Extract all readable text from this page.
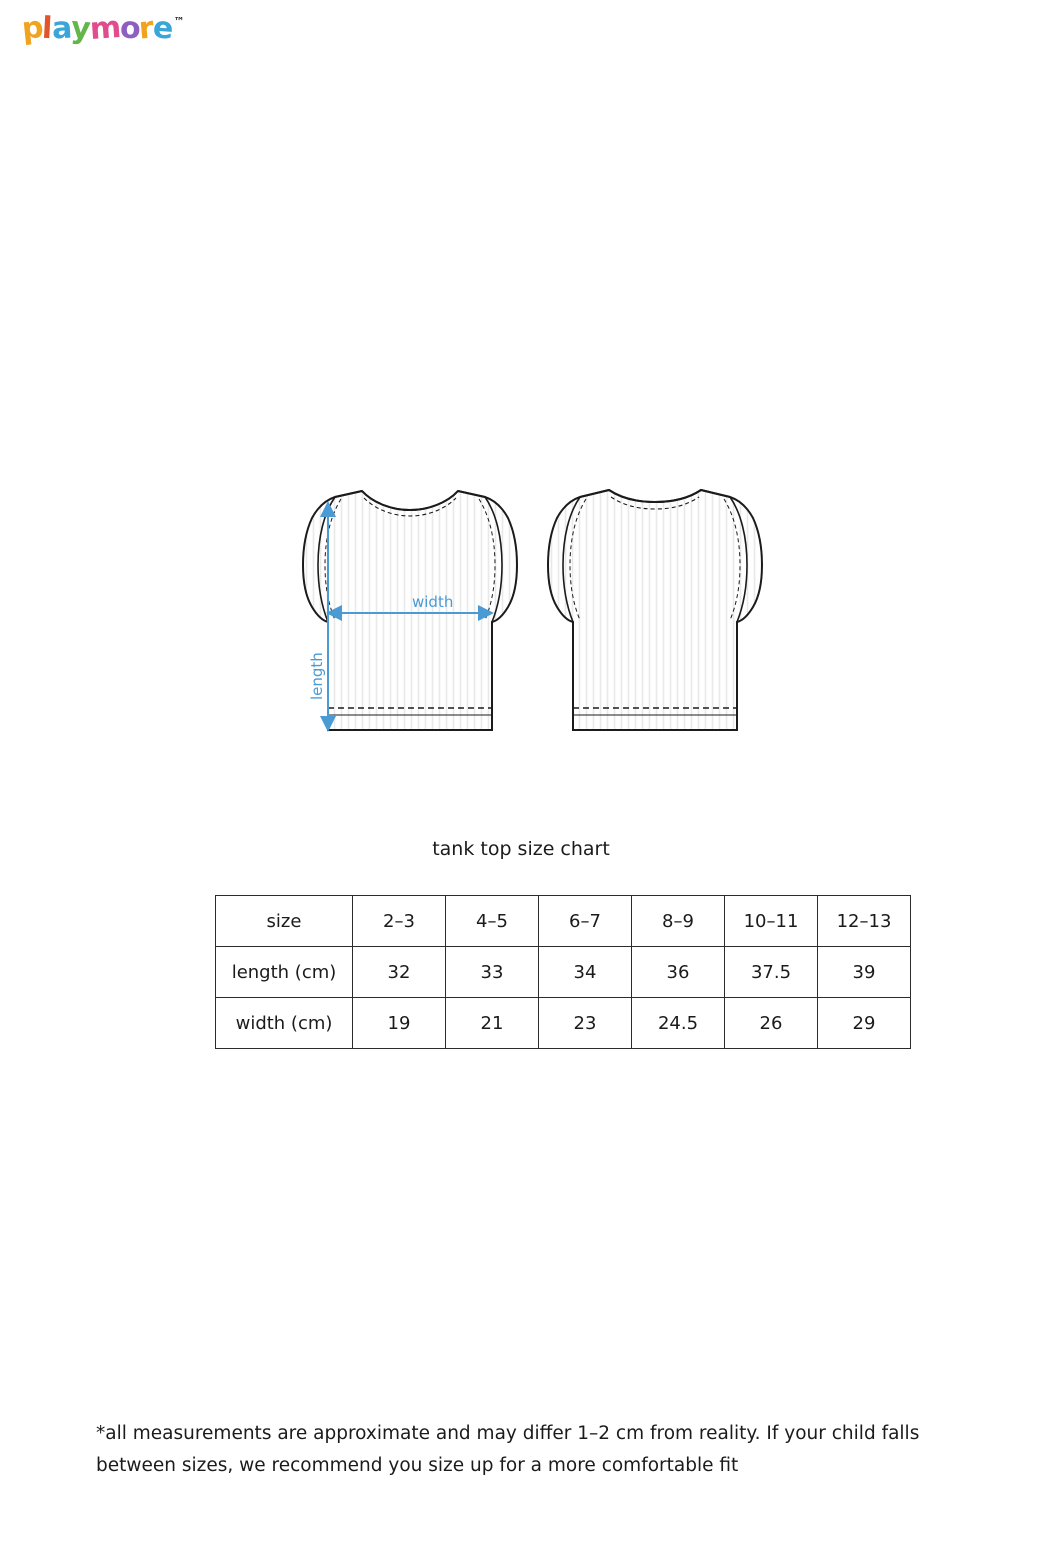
playmore™
width
length
tank top size chart
size	2–3	4–5	6–7	8–9	10–11	12–13
length (cm)	32	33	34	36	37.5	39
width (cm)	19	21	23	24.5	26	29
*all measurements are approximate and may differ 1–2 cm from reality. If your child falls between sizes, we recommend you size up for a more comfortable fit
